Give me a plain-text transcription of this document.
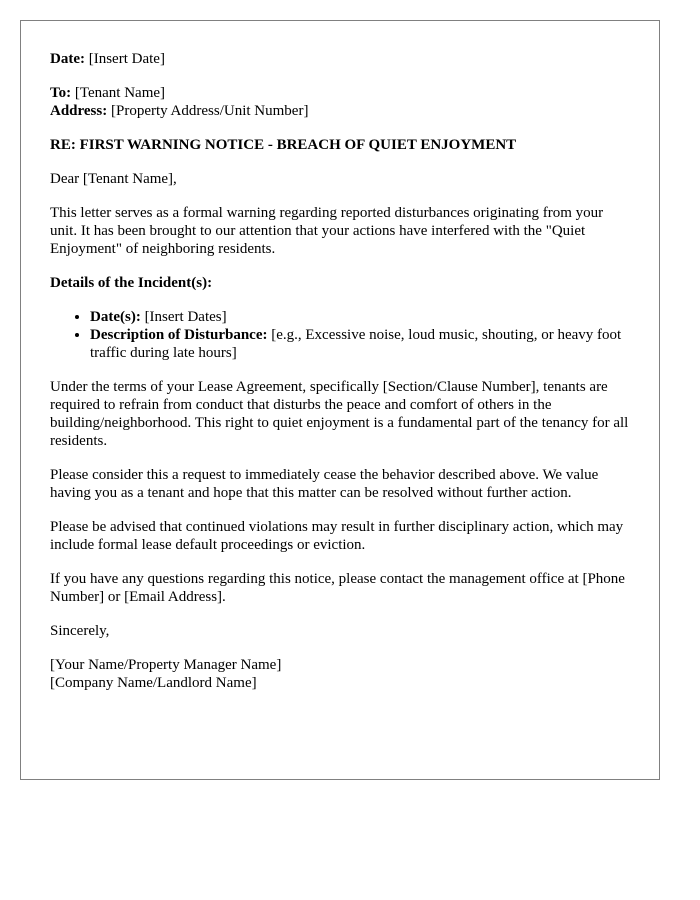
Date: [Insert Date]

To: [Tenant Name]

Address: [Property Address/Unit Number]

RE: FIRST WARNING NOTICE - BREACH OF QUIET ENJOYMENT

Dear [Tenant Name],

This letter serves as a formal warning regarding reported disturbances originating from your unit. It has been brought to our attention that your actions have interfered with the "Quiet Enjoyment" of neighboring residents.

Details of the Incident(s):

• Date(s): [Insert Dates]
• Description of Disturbance: [e.g., Excessive noise, loud music, shouting, or heavy foot traffic during late hours]

Under the terms of your Lease Agreement, specifically [Section/Clause Number], tenants are required to refrain from conduct that disturbs the peace and comfort of others in the building/neighborhood. This right to quiet enjoyment is a fundamental part of the tenancy for all residents.

Please consider this a request to immediately cease the behavior described above. We value having you as a tenant and hope that this matter can be resolved without further action.

Please be advised that continued violations may result in further disciplinary action, which may include formal lease default proceedings or eviction.

If you have any questions regarding this notice, please contact the management office at [Phone Number] or [Email Address].

Sincerely,

[Your Name/Property Manager Name]
[Company Name/Landlord Name]
